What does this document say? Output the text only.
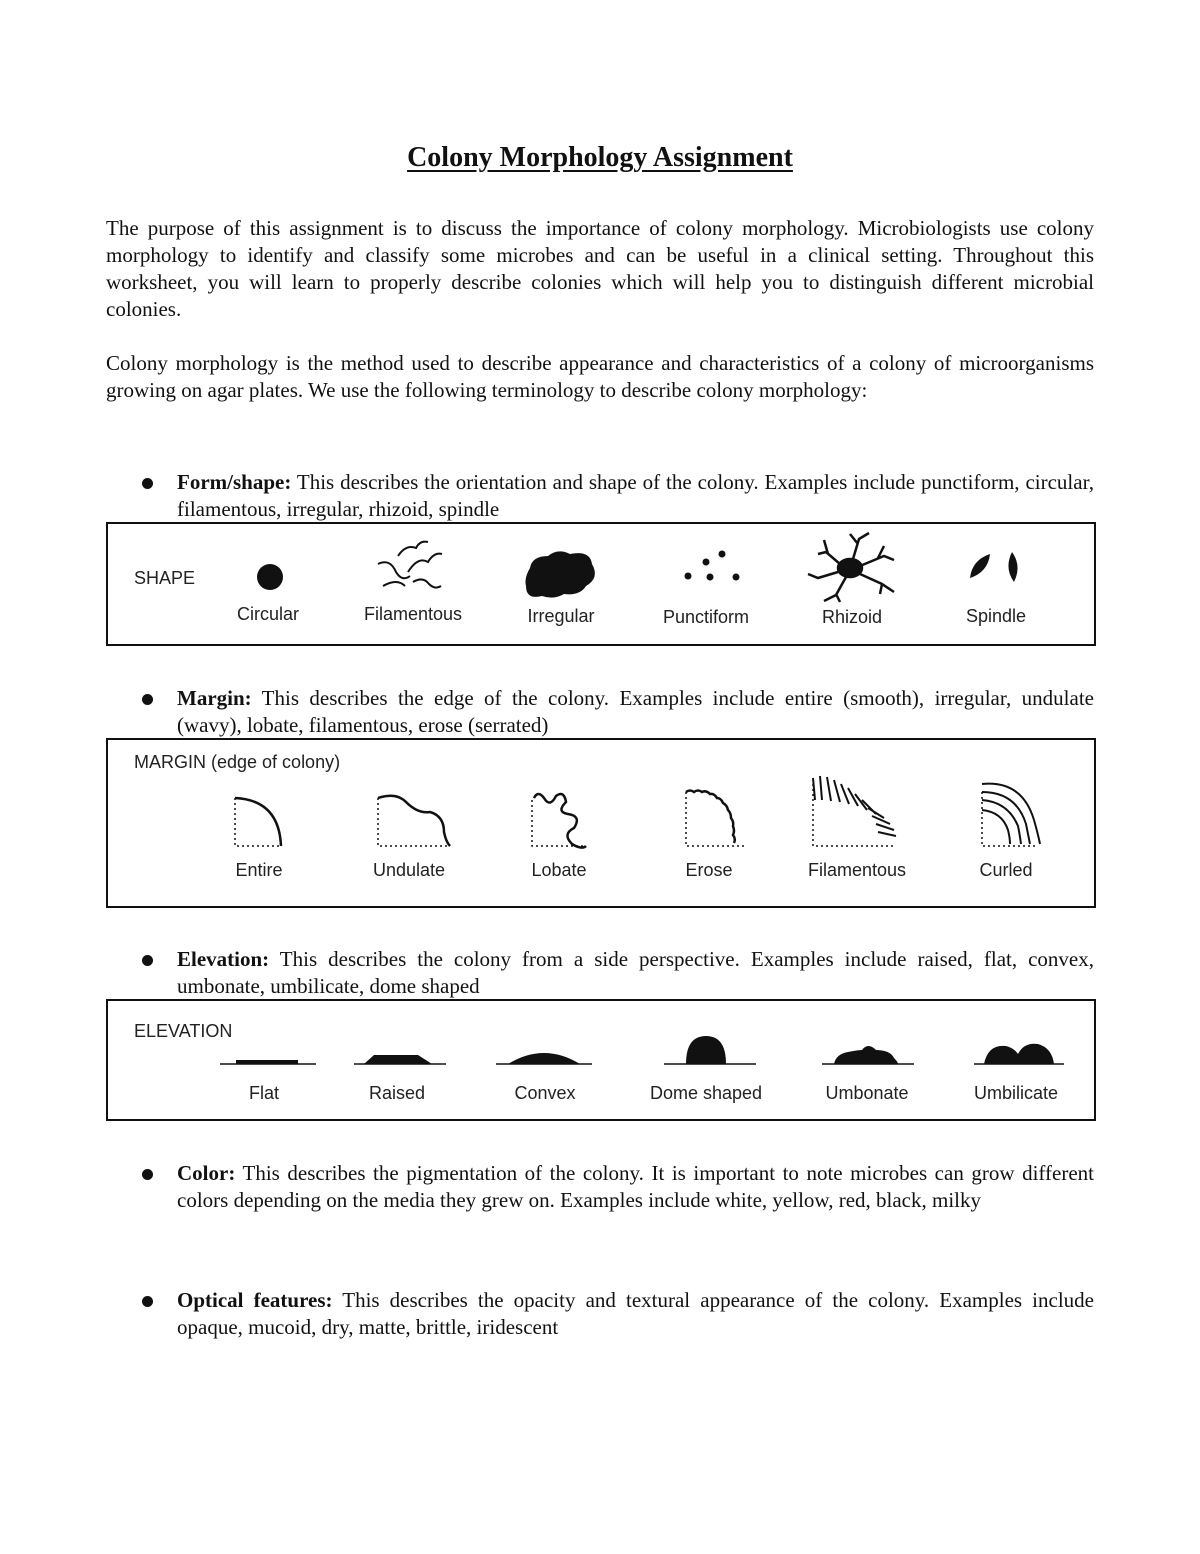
Colony Morphology Assignment

The purpose of this assignment is to discuss the importance of colony morphology. Microbiologists use colony morphology to identify and classify some microbes and can be useful in a clinical setting. Throughout this worksheet, you will learn to properly describe colonies which will help you to distinguish different microbial colonies.

Colony morphology is the method used to describe appearance and characteristics of a colony of microorganisms growing on agar plates. We use the following terminology to describe colony morphology:

Form/shape: This describes the orientation and shape of the colony. Examples include punctiform, circular, filamentous, irregular, rhizoid, spindle
SHAPE
Circular	Filamentous	Irregular	Punctiform	Rhizoid	Spindle
Margin: This describes the edge of the colony. Examples include entire (smooth), irregular, undulate (wavy), lobate, filamentous, erose (serrated)
MARGIN (edge of colony)
Entire	Undulate	Lobate	Erose	Filamentous	Curled
Elevation: This describes the colony from a side perspective. Examples include raised, flat, convex, umbonate, umbilicate, dome shaped
ELEVATION
Flat	Raised	Convex	Dome shaped	Umbonate	Umbilicate
Color: This describes the pigmentation of the colony. It is important to note microbes can grow different colors depending on the media they grew on. Examples include white, yellow, red, black, milky
Optical features: This describes the opacity and textural appearance of the colony. Examples include opaque, mucoid, dry, matte, brittle, iridescent
